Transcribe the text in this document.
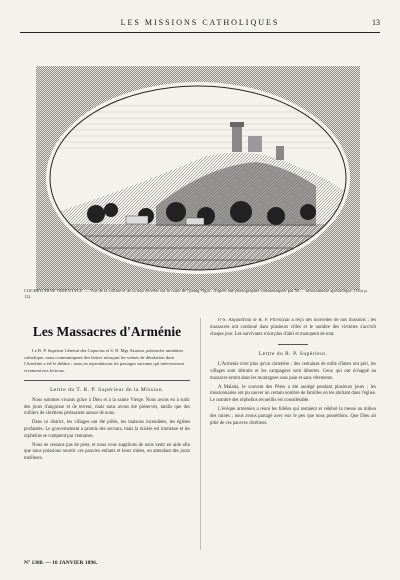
LES MISSIONS CATHOLIQUES	13
COCHINCHINE ORIENTALE. — Vue de la colline et de la tour élevées sur la route de Quang-Ngai ; d'après une photographie communiquée par M. ... missionnaire apostolique. (Voir p. 12).
Les Massacres d'Arménie
Le R. P. Suprieur Général des Capucins et S. B. Mgr Azarian, patriarche arménien catholique, nous communiquent des lettres retraçant les scènes de désolation dont l'Arménie a été le théâtre ; nous en reproduisons les passages suivants qui intéresseront vivement nos lecteurs.
Lettre du T. R. P. Supérieur de la Mission.
Nous sommes vivants grâce à Dieu et à la sainte Vierge. Nous avons eu à subir des jours d'angoisse et de terreur, mais nous avons été préservés, tandis que des milliers de chrétiens périssaient autour de nous.
Dans ce district, les villages ont été pillés, les maisons incendiées, les églises profanées. Le gouvernement a promis des secours, mais la misère est immense et les orphelins se comptent par centaines.
Nous ne cessons pas de prier, et nous vous supplions de nous venir en aide afin que nous puissions nourrir ces pauvres enfants et leurs mères, en attendant des jours meilleurs.
P.-S. Aujourd'hui le R. P. Provincial a reçu des nouvelles de nos missions ; les massacres ont continué dans plusieurs villes et le nombre des victimes s'accroît chaque jour. Les survivants n'ont plus d'abri et manquent de tout.
Lettre du R. P. Supérieur.
L'Arménie n'est plus qu'un cimetière ; des centaines de mille d'âmes ont péri, les villages sont détruits et les campagnes sont désertes. Ceux qui ont échappé au massacre errent dans les montagnes sans pain et sans vêtements.
A Malatia, le couvent des Pères a été assiégé pendant plusieurs jours ; les missionnaires ont pu sauver un certain nombre de familles en les abritant dans l'église. Le nombre des orphelins recueillis est considérable.
L'évêque arménien a réuni les fidèles qui restaient et célébré la messe au milieu des ruines ; nous avons partagé avec eux le peu que nous possédions. Que Dieu ait pitié de ces pauvres chrétiens.
N° 1388. — 10 JANVIER 1896.
